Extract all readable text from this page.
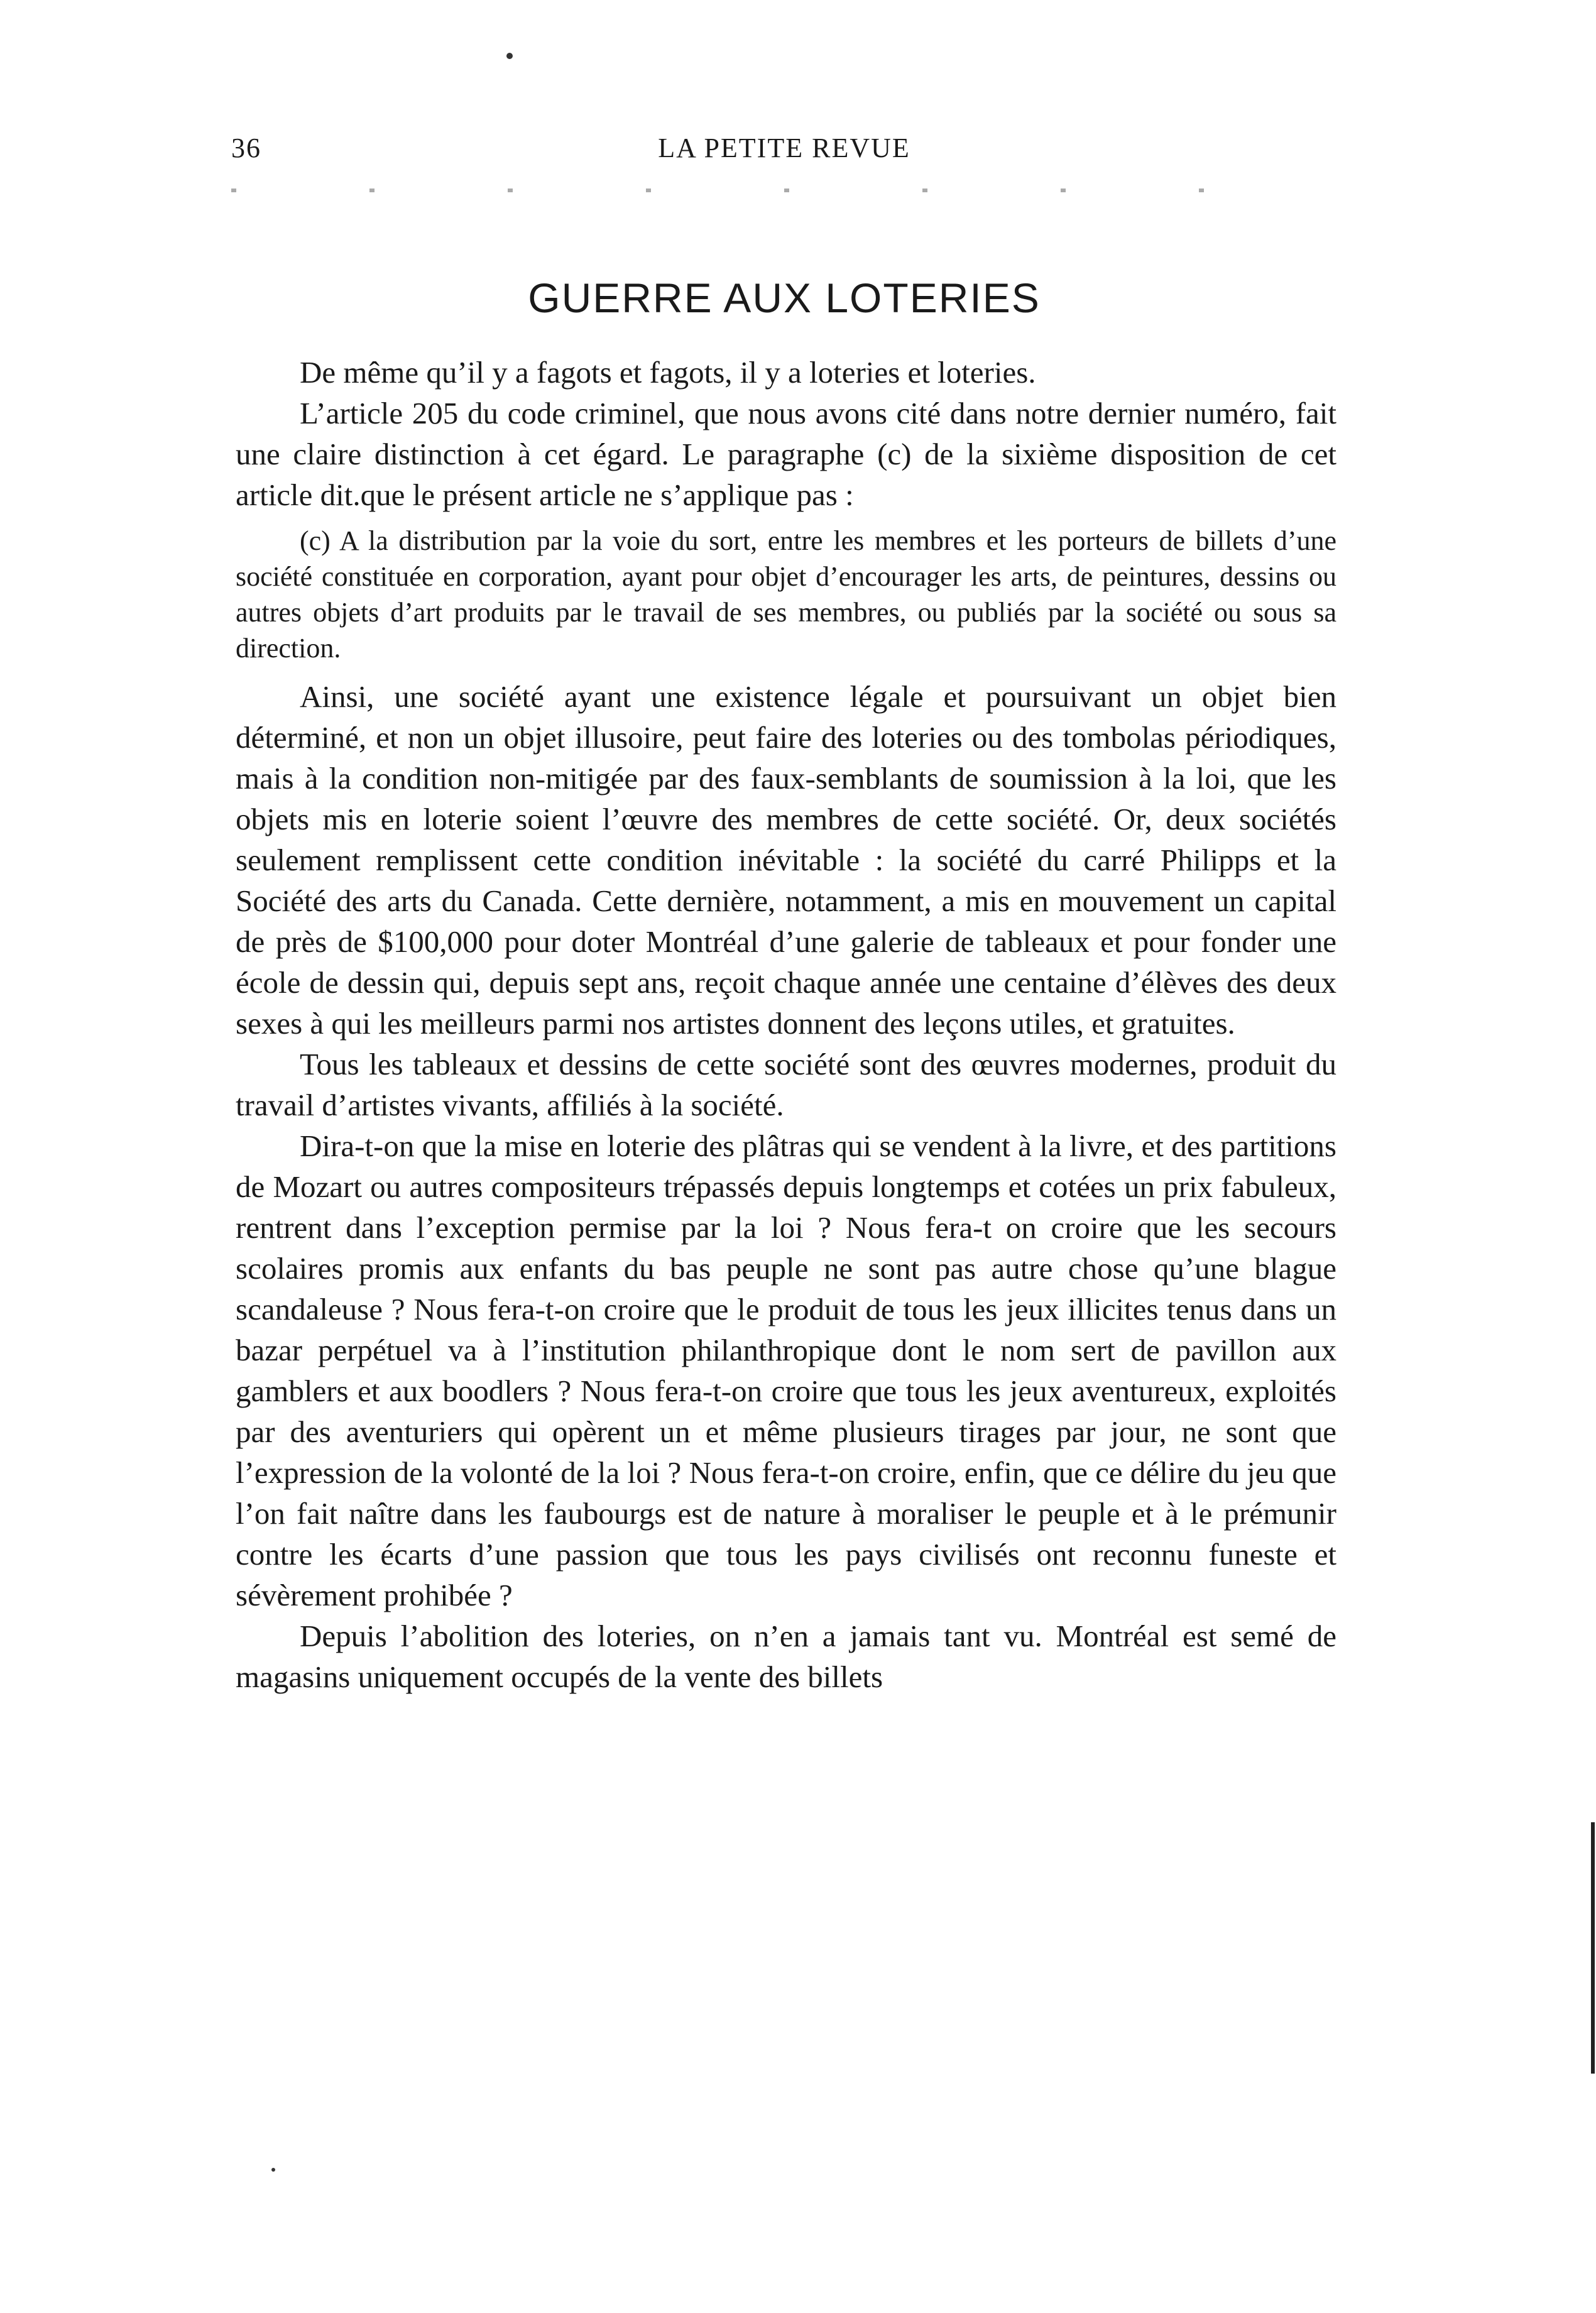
36	LA PETITE REVUE
GUERRE AUX LOTERIES

De même qu’il y a fagots et fagots, il y a loteries et loteries.

L’article 205 du code criminel, que nous avons cité dans notre dernier numéro, fait une claire distinction à cet égard. Le paragraphe (c) de la sixième disposition de cet article dit.que le présent article ne s’applique pas :

(c) A la distribution par la voie du sort, entre les membres et les porteurs de billets d’une société constituée en corporation, ayant pour objet d’encourager les arts, de peintures, dessins ou autres objets d’art produits par le travail de ses membres, ou publiés par la société ou sous sa direction.

Ainsi, une société ayant une existence légale et poursuivant un objet bien déterminé, et non un objet illusoire, peut faire des loteries ou des tombolas périodiques, mais à la condition non-mitigée par des faux-semblants de soumission à la loi, que les objets mis en loterie soient l’œuvre des membres de cette société. Or, deux sociétés seulement remplissent cette condition inévitable : la société du carré Philipps et la Société des arts du Canada. Cette dernière, notamment, a mis en mouvement un capital de près de $100,000 pour doter Montréal d’une galerie de tableaux et pour fonder une école de dessin qui, depuis sept ans, reçoit chaque année une centaine d’élèves des deux sexes à qui les meilleurs parmi nos artistes donnent des leçons utiles, et gratuites.

Tous les tableaux et dessins de cette société sont des œuvres modernes, produit du travail d’artistes vivants, affiliés à la société.

Dira-t-on que la mise en loterie des plâtras qui se vendent à la livre, et des partitions de Mozart ou autres compositeurs trépassés depuis longtemps et cotées un prix fabuleux, rentrent dans l’exception permise par la loi ? Nous fera-t on croire que les secours scolaires promis aux enfants du bas peuple ne sont pas autre chose qu’une blague scandaleuse ? Nous fera-t-on croire que le produit de tous les jeux illicites tenus dans un bazar perpétuel va à l’institution philanthropique dont le nom sert de pavillon aux gamblers et aux boodlers ? Nous fera-t-on croire que tous les jeux aventureux, exploités par des aventuriers qui opèrent un et même plusieurs tirages par jour, ne sont que l’expression de la volonté de la loi ? Nous fera-t-on croire, enfin, que ce délire du jeu que l’on fait naître dans les faubourgs est de nature à moraliser le peuple et à le prémunir contre les écarts d’une passion que tous les pays civilisés ont reconnu funeste et sévèrement prohibée ?

Depuis l’abolition des loteries, on n’en a jamais tant vu. Montréal est semé de magasins uniquement occupés de la vente des billets
